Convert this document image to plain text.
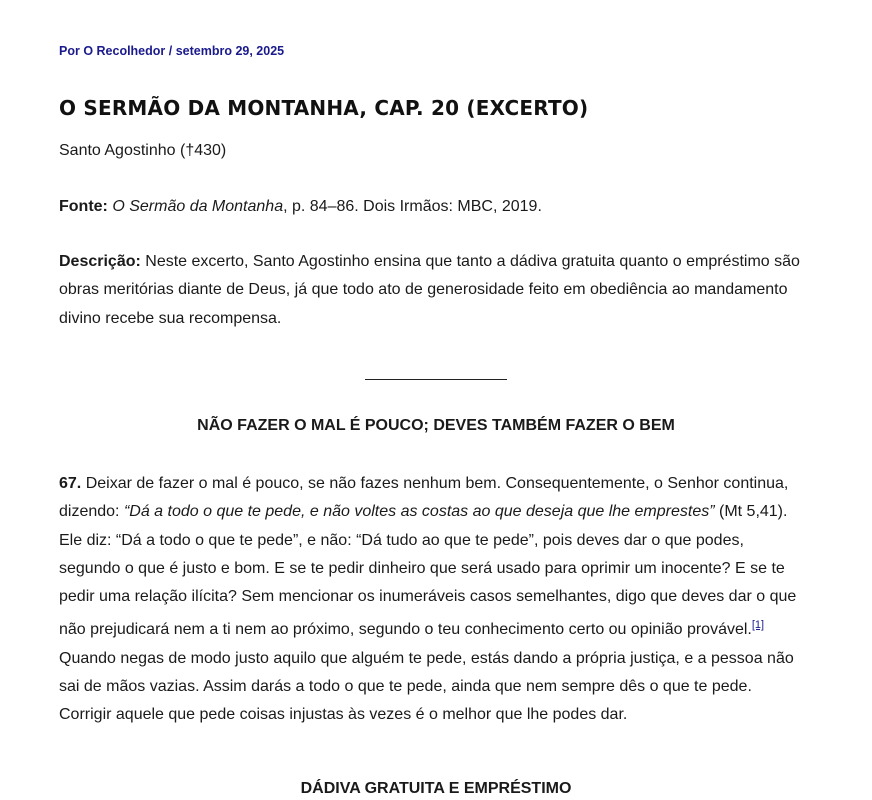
Por O Recolhedor / setembro 29, 2025
O SERMÃO DA MONTANHA, CAP. 20 (EXCERTO)

Santo Agostinho (†430)

Fonte: O Sermão da Montanha, p. 84–86. Dois Irmãos: MBC, 2019.

Descrição: Neste excerto, Santo Agostinho ensina que tanto a dádiva gratuita quanto o empréstimo são obras meritórias diante de Deus, já que todo ato de generosidade feito em obediência ao mandamento divino recebe sua recompensa.

NÃO FAZER O MAL É POUCO; DEVES TAMBÉM FAZER O BEM

67. Deixar de fazer o mal é pouco, se não fazes nenhum bem. Consequentemente, o Senhor continua, dizendo: “Dá a todo o que te pede, e não voltes as costas ao que deseja que lhe emprestes” (Mt 5,41). Ele diz: “Dá a todo o que te pede”, e não: “Dá tudo ao que te pede”, pois deves dar o que podes, segundo o que é justo e bom. E se te pedir dinheiro que será usado para oprimir um inocente? E se te pedir uma relação ilícita? Sem mencionar os inumeráveis casos semelhantes, digo que deves dar o que não prejudicará nem a ti nem ao próximo, segundo o teu conhecimento certo ou opinião provável.[1] Quando negas de modo justo aquilo que alguém te pede, estás dando a própria justiça, e a pessoa não sai de mãos vazias. Assim darás a todo o que te pede, ainda que nem sempre dês o que te pede. Corrigir aquele que pede coisas injustas às vezes é o melhor que lhe podes dar.

DÁDIVA GRATUITA E EMPRÉSTIMO
